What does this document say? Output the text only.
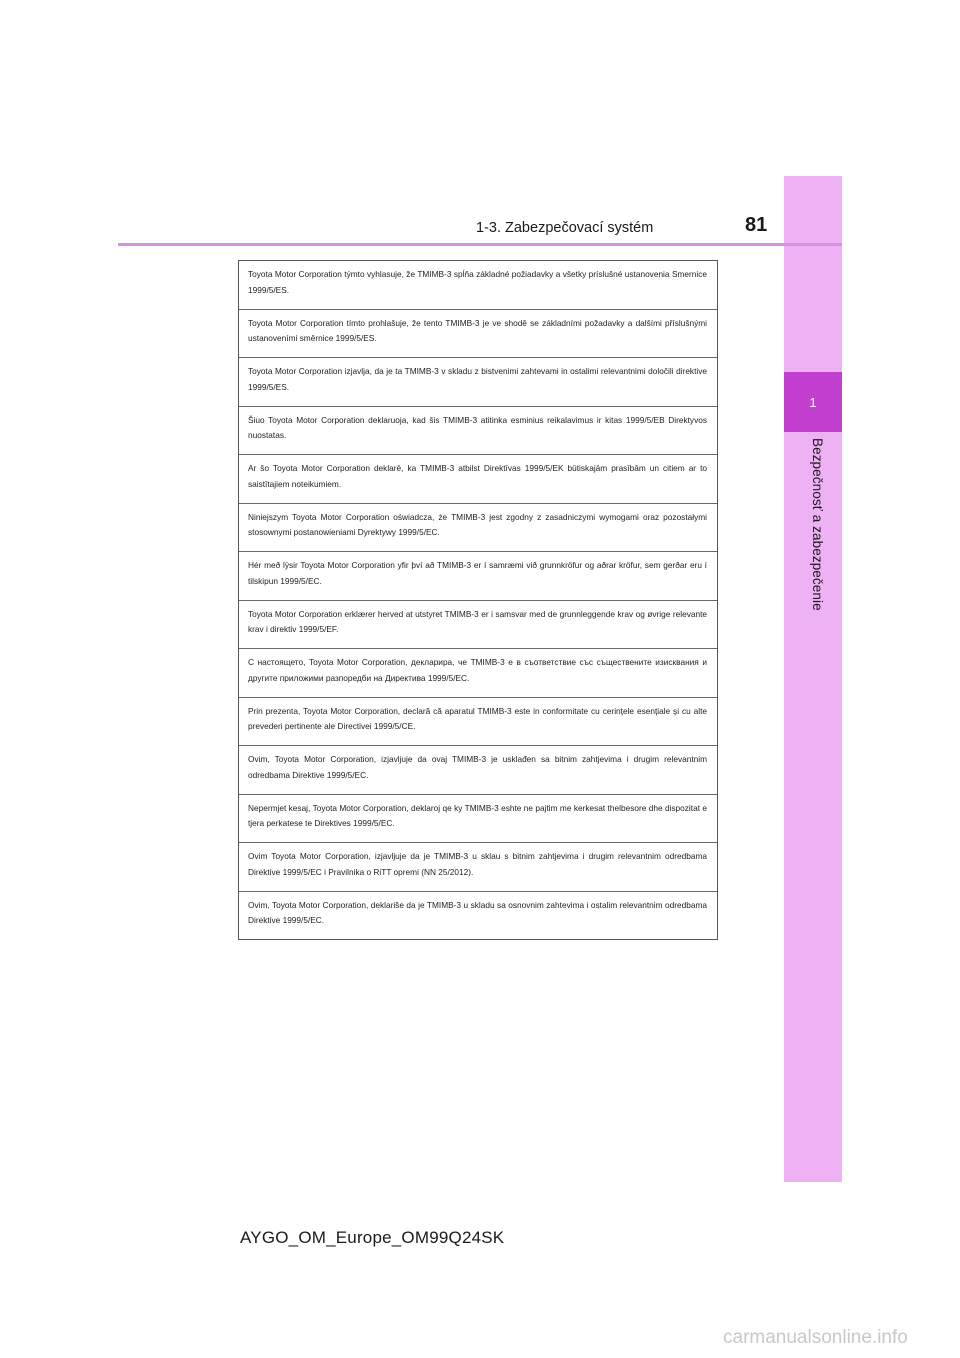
1
Bezpečnosť a zabezpečenie
1-3. Zabezpečovací systém	81
Toyota Motor Corporation týmto vyhlasuje, že TMIMB-3 spĺňa základné požiadavky a všetky príslušné ustanovenia Smernice 1999/5/ES.
Toyota Motor Corporation tímto prohlašuje, že tento TMIMB-3 je ve shodě se základními požadavky a dalšími příslušnými ustanoveními směrnice 1999/5/ES.
Toyota Motor Corporation izjavlja, da je ta TMIMB-3 v skladu z bistvenimi zahtevami in ostalimi relevantnimi določili direktive 1999/5/ES.
Šiuo Toyota Motor Corporation deklaruoja, kad šis TMIMB-3 atitinka esminius reikalavimus ir kitas 1999/5/EB Direktyvos nuostatas.
Ar šo Toyota Motor Corporation deklarē, ka TMIMB-3 atbilst Direktīvas 1999/5/EK būtiskajām prasībām un citiem ar to saistītajiem noteikumiem.
Niniejszym Toyota Motor Corporation oświadcza, że TMIMB-3 jest zgodny z zasadniczymi wymogami oraz pozostałymi stosownymi postanowieniami Dyrektywy 1999/5/EC.
Hér með lýsir Toyota Motor Corporation yfir því að TMIMB-3 er í samræmi við grunnkröfur og aðrar kröfur, sem gerðar eru í tilskipun 1999/5/EC.
Toyota Motor Corporation erklærer herved at utstyret TMIMB-3 er i samsvar med de grunnleggende krav og øvrige relevante krav i direktiv 1999/5/EF.
С настоящето, Toyota Motor Corporation, декларира, че TMIMB-3 е в съответствие със съществените изисквания и другите приложими разпоредби на Директива 1999/5/ЕС.
Prin prezenta, Toyota Motor Corporation, declară că aparatul TMIMB-3 este in conformitate cu cerințele esențiale și cu alte prevederi pertinente ale Directivei 1999/5/CE.
Ovim, Toyota Motor Corporation, izjavljuje da ovaj TMIMB-3 je usklađen sa bitnim zahtjevima i drugim relevantnim odredbama Direktive 1999/5/EC.
Nepermjet kesaj, Toyota Motor Corporation, deklaroj qe ky TMIMB-3 eshte ne pajtim me kerkesat thelbesore dhe dispozitat e tjera perkatese te Direktives 1999/5/EC.
Ovim Toyota Motor Corporation, izjavljuje da je TMIMB-3 u sklau s bitnim zahtjevima i drugim relevantnim odredbama Direktive 1999/5/EC i Pravilnika o RiTT opremi (NN 25/2012).
Ovim, Toyota Motor Corporation, deklariše da je TMIMB-3 u skladu sa osnovnim zahtevima i ostalim relevantnim odredbama Direktive 1999/5/EC.
AYGO_OM_Europe_OM99Q24SK
carmanualsonline.info
